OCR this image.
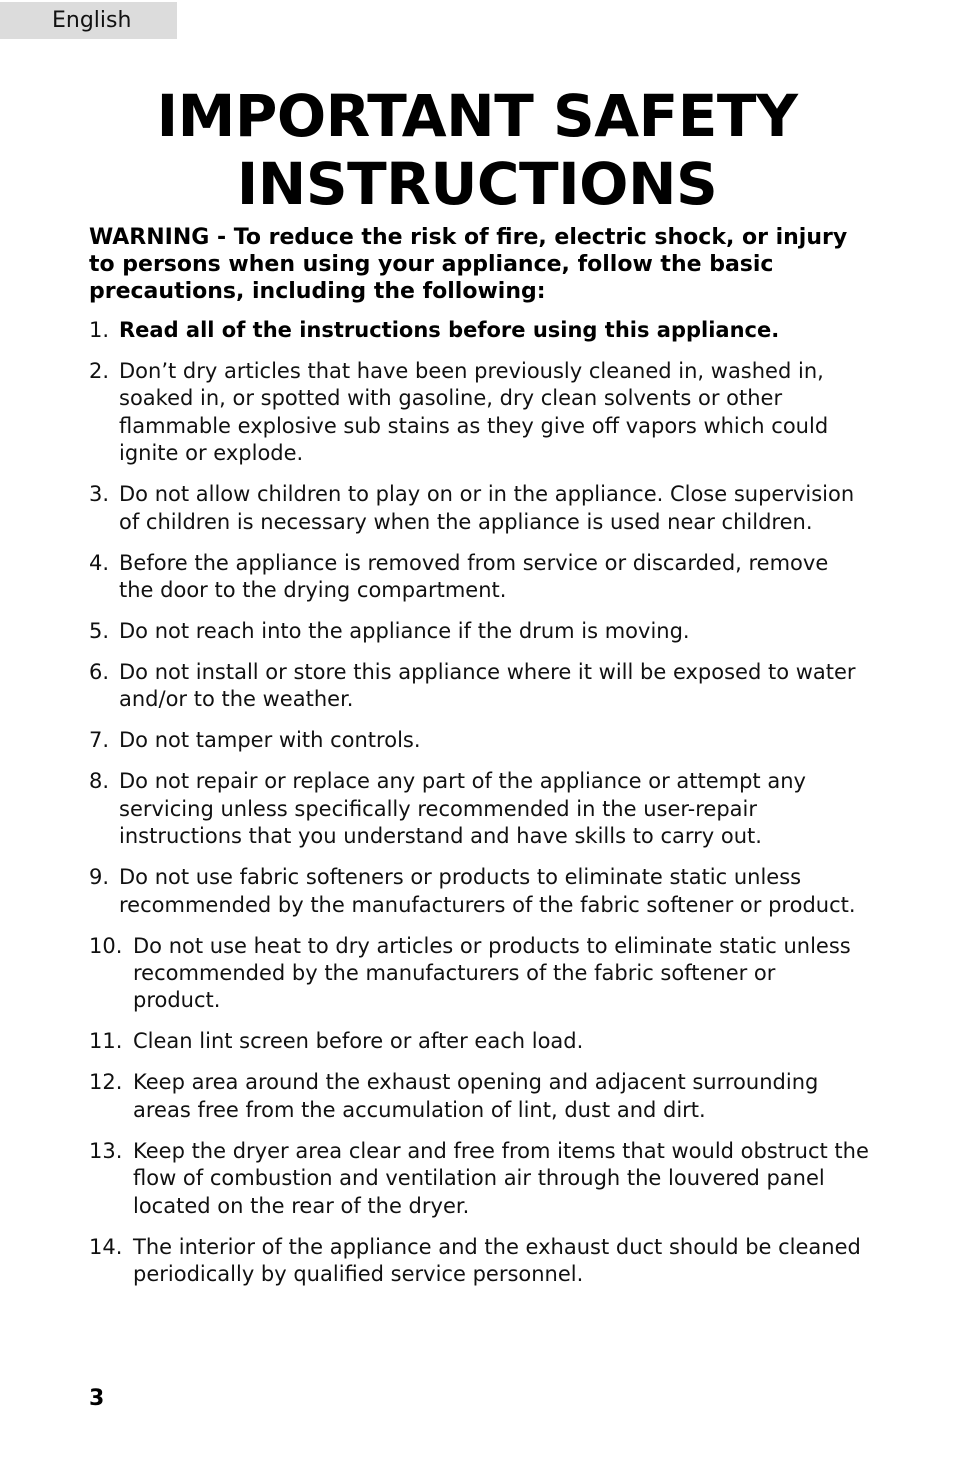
English
IMPORTANT SAFETY
INSTRUCTIONS

WARNING - To reduce the risk of fire, electric shock, or injury to persons when using your appliance, follow the basic precautions, including the following:

1. Read all of the instructions before using this appliance.
2. Don’t dry articles that have been previously cleaned in, washed in, soaked in, or spotted with gasoline, dry clean solvents or other flammable explosive sub stains as they give off vapors which could ignite or explode.
3. Do not allow children to play on or in the appliance. Close supervision of children is necessary when the appliance is used near children.
4. Before the appliance is removed from service or discarded, remove the door to the drying compartment.
5. Do not reach into the appliance if the drum is moving.
6. Do not install or store this appliance where it will be exposed to water and/or to the weather.
7. Do not tamper with controls.
8. Do not repair or replace any part of the appliance or attempt any servicing unless specifically recommended in the user-repair instructions that you understand and have skills to carry out.
9. Do not use fabric softeners or products to eliminate static unless recommended by the manufacturers of the fabric softener or product.
10. Do not use heat to dry articles or products to eliminate static unless recommended by the manufacturers of the fabric softener or product.
11. Clean lint screen before or after each load.
12. Keep area around the exhaust opening and adjacent surrounding areas free from the accumulation of lint, dust and dirt.
13. Keep the dryer area clear and free from items that would obstruct the flow of combustion and ventilation air through the louvered panel located on the rear of the dryer.
14. The interior of the appliance and the exhaust duct should be cleaned periodically by qualified service personnel.
3
